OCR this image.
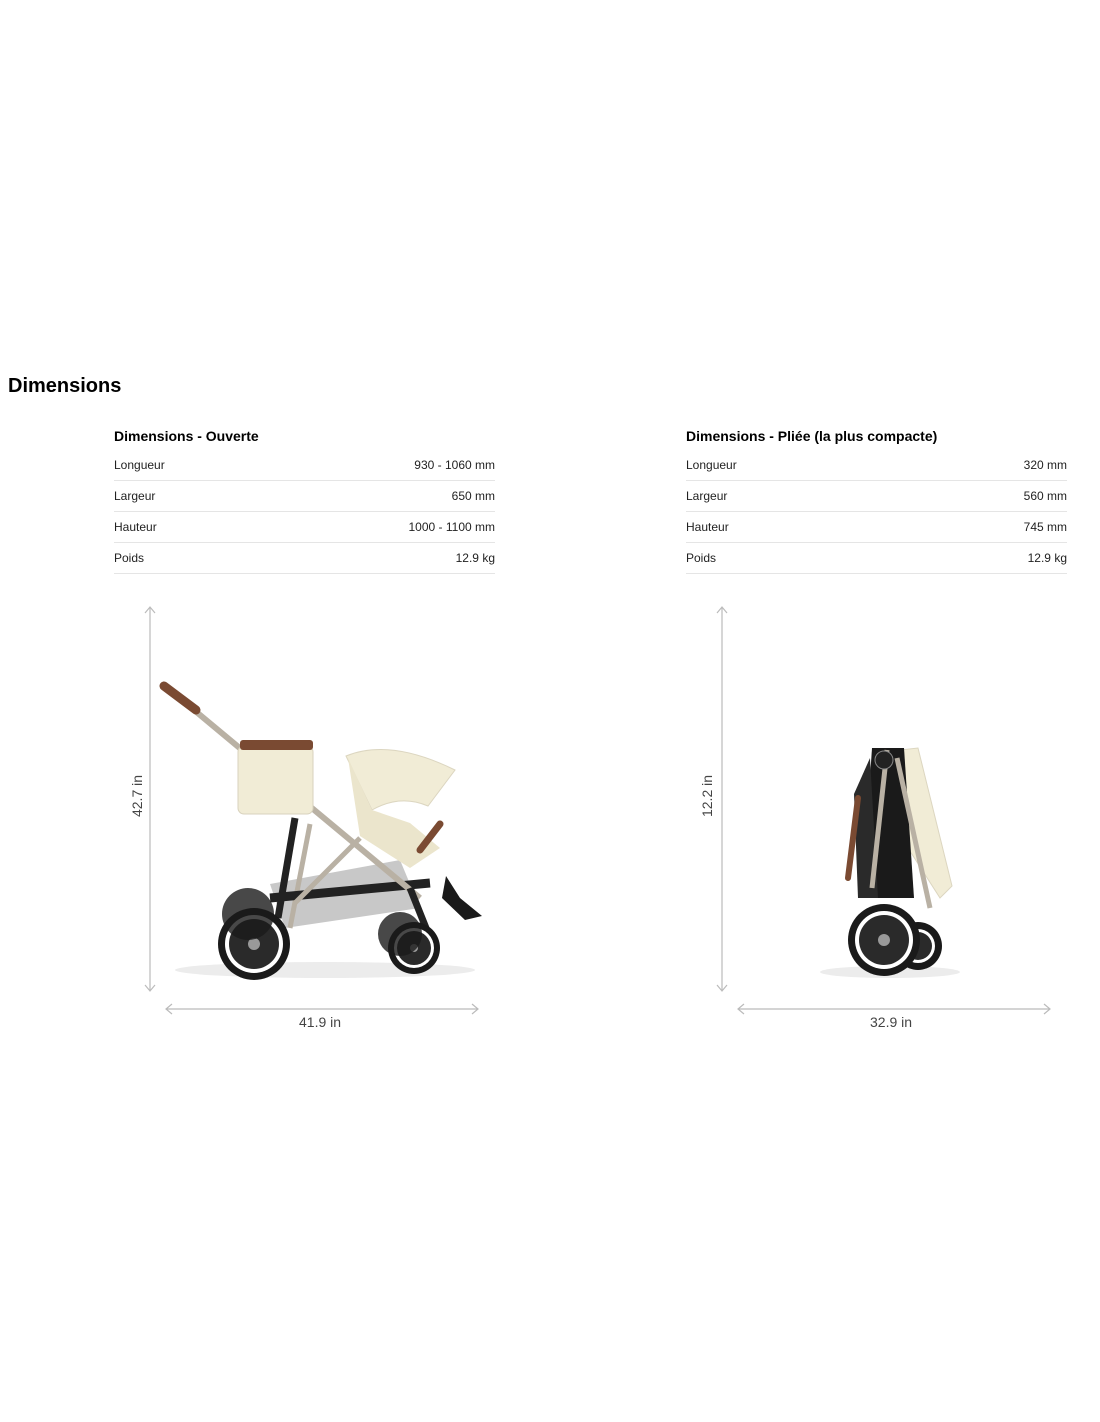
Dimensions
Dimensions - Ouverte
Longueur	930 - 1060 mm
Largeur	650 mm
Hauteur	1000 - 1100 mm
Poids	12.9 kg
Dimensions - Pliée (la plus compacte)
Longueur	320 mm
Largeur	560 mm
Hauteur	745 mm
Poids	12.9 kg
42.7 in
41.9 in
12.2 in
32.9 in
